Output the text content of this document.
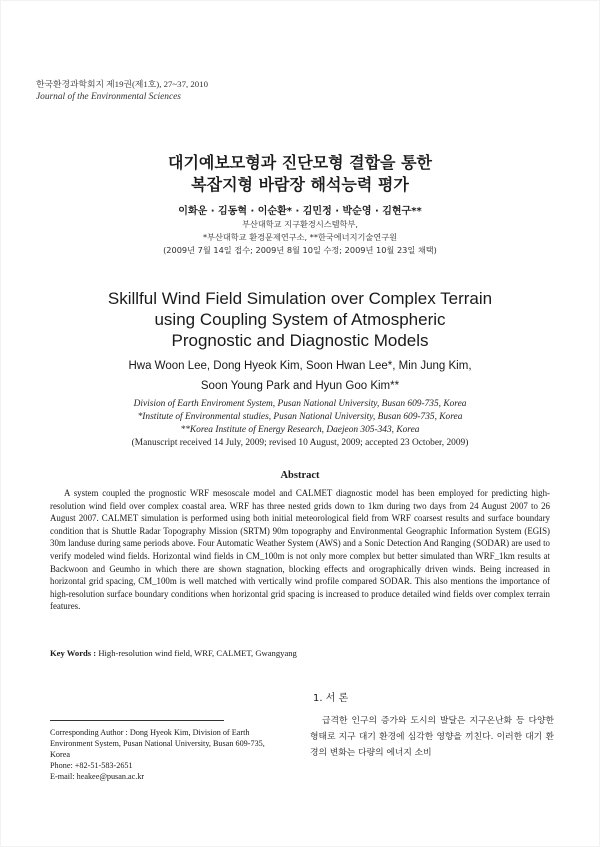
한국환경과학회지 제19권(제1호), 27~37, 2010
Journal of the Environmental Sciences
대기예보모형과 진단모형 결합을 통한
복잡지형 바람장 해석능력 평가
이화운 · 김동혁 · 이순환* · 김민정 · 박순영 · 김현구**
부산대학교 지구환경시스템학부,
*부산대학교 환경문제연구소, **한국에너지기술연구원
(2009년 7월 14일 접수; 2009년 8월 10일 수정; 2009년 10월 23일 채택)
Skillful Wind Field Simulation over Complex Terrain
using Coupling System of Atmospheric
Prognostic and Diagnostic Models
Hwa Woon Lee, Dong Hyeok Kim, Soon Hwan Lee*, Min Jung Kim,
Soon Young Park and Hyun Goo Kim**
Division of Earth Enviroment System, Pusan National University, Busan 609-735, Korea
*Institute of Environmental studies, Pusan National University, Busan 609-735, Korea
**Korea Institute of Energy Research, Daejeon 305-343, Korea
(Manuscript received 14 July, 2009; revised 10 August, 2009; accepted 23 October, 2009)
Abstract
A system coupled the prognostic WRF mesoscale model and CALMET diagnostic model has been employed for predicting high-resolution wind field over complex coastal area. WRF has three nested grids down to 1km during two days from 24 August 2007 to 26 August 2007. CALMET simulation is performed using both initial meteorological field from WRF coarsest results and surface boundary condition that is Shuttle Radar Topography Mission (SRTM) 90m topography and Environmental Geographic Information System (EGIS) 30m landuse during same periods above. Four Automatic Weather System (AWS) and a Sonic Detection And Ranging (SODAR) are used to verify modeled wind fields. Horizontal wind fields in CM_100m is not only more complex but better simulated than WRF_1km results at Backwoon and Geumho in which there are shown stagnation, blocking effects and orographically driven winds. Being increased in horizontal grid spacing, CM_100m is well matched with vertically wind profile compared SODAR. This also mentions the importance of high-resolution surface boundary conditions when horizontal grid spacing is increased to produce detailed wind fields over complex terrain features.
Key Words : High-resolution wind field, WRF, CALMET, Gwangyang
1. 서 론
Corresponding Author : Dong Hyeok Kim, Division of Earth
Environment System, Pusan National University, Busan 609-735,
Korea
Phone: +82-51-583-2651
E-mail: heakee@pusan.ac.kr
급격한 인구의 증가와 도시의 발달은 지구온난화 등 다양한 형태로 지구 대기 환경에 심각한 영향을 끼친다. 이러한 대기 환경의 변화는 다량의 에너지 소비
